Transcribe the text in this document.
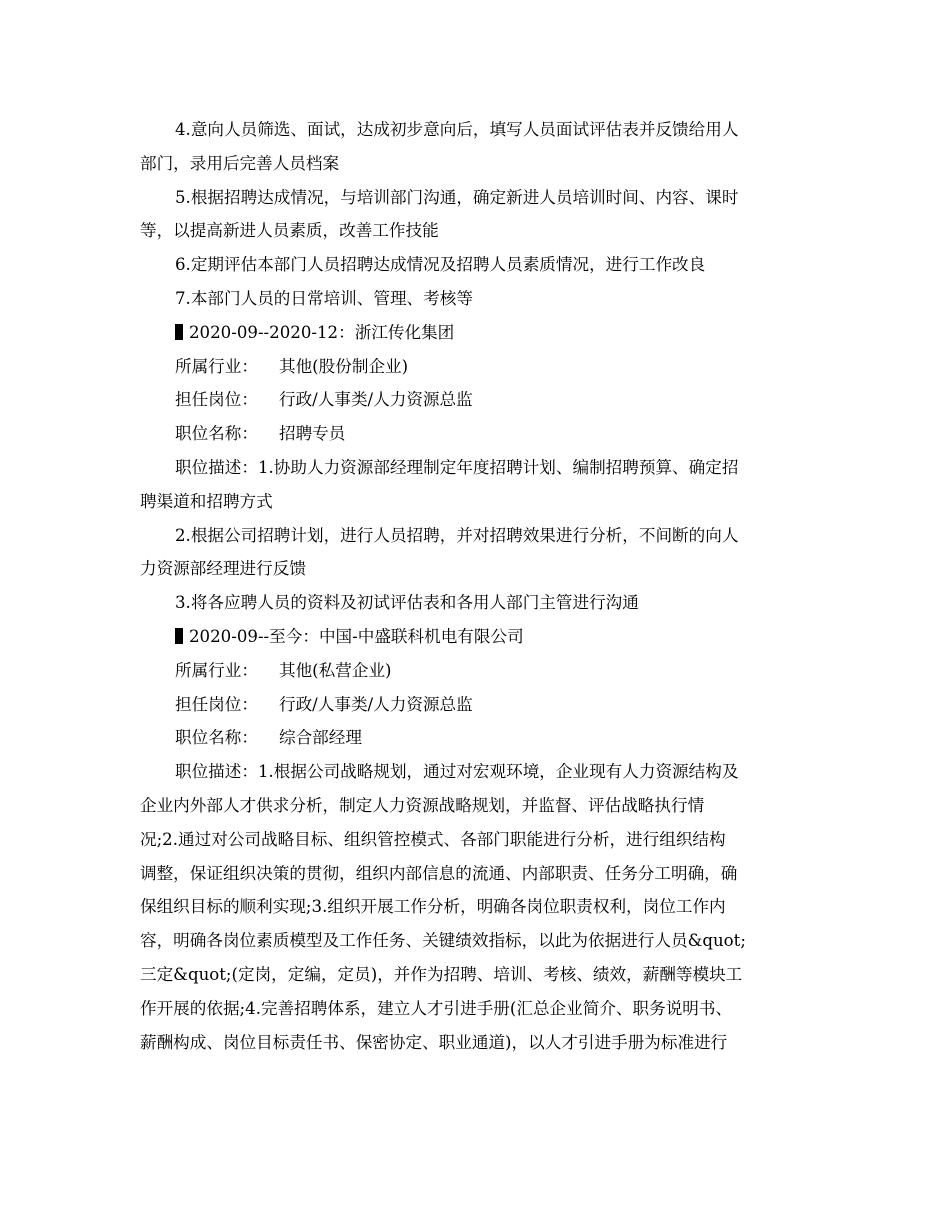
4.意向人员筛选、面试，达成初步意向后，填写人员面试评估表并反馈给用人
部门，录用后完善人员档案
5.根据招聘达成情况，与培训部门沟通，确定新进人员培训时间、内容、课时
等，以提高新进人员素质，改善工作技能
6.定期评估本部门人员招聘达成情况及招聘人员素质情况，进行工作改良
7.本部门人员的日常培训、管理、考核等
2020-09--2020-12：浙江传化集团
所属行业： 其他(股份制企业)
担任岗位： 行政/人事类/人力资源总监
职位名称： 招聘专员
职位描述：1.协助人力资源部经理制定年度招聘计划、编制招聘预算、确定招
聘渠道和招聘方式
2.根据公司招聘计划，进行人员招聘，并对招聘效果进行分析，不间断的向人
力资源部经理进行反馈
3.将各应聘人员的资料及初试评估表和各用人部门主管进行沟通
2020-09--至今：中国-中盛联科机电有限公司
所属行业： 其他(私营企业)
担任岗位： 行政/人事类/人力资源总监
职位名称： 综合部经理
职位描述：1.根据公司战略规划，通过对宏观环境，企业现有人力资源结构及
企业内外部人才供求分析，制定人力资源战略规划，并监督、评估战略执行情
况;2.通过对公司战略目标、组织管控模式、各部门职能进行分析，进行组织结构
调整，保证组织决策的贯彻，组织内部信息的流通、内部职责、任务分工明确，确
保组织目标的顺利实现;3.组织开展工作分析，明确各岗位职责权利，岗位工作内
容，明确各岗位素质模型及工作任务、关键绩效指标，以此为依据进行人员&quot;
三定&quot;(定岗，定编，定员)，并作为招聘、培训、考核、绩效，薪酬等模块工
作开展的依据;4.完善招聘体系，建立人才引进手册(汇总企业简介、职务说明书、
薪酬构成、岗位目标责任书、保密协定、职业通道)，以人才引进手册为标准进行
